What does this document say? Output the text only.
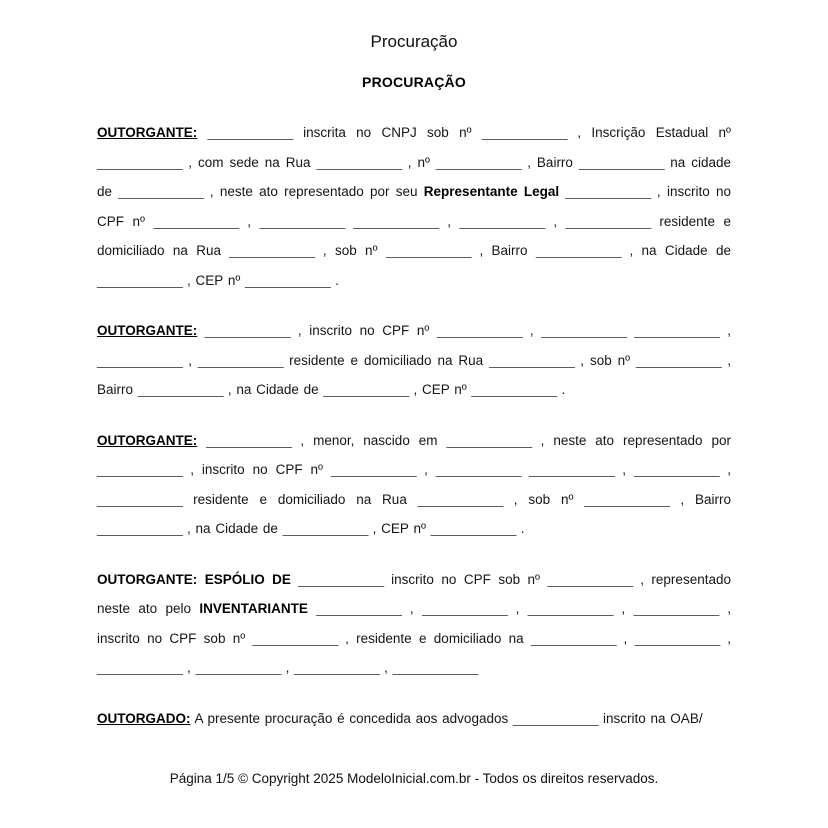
Procuração
PROCURAÇÃO

OUTORGANTE: ____________ inscrita no CNPJ sob nº ____________ , Inscrição Estadual nº ____________ , com sede na Rua ____________ , nº ____________ , Bairro ____________ na cidade de ____________ , neste ato representado por seu Representante Legal ____________ , inscrito no CPF nº ____________ , ____________ ____________ , ____________ , ____________ residente e domiciliado na Rua ____________ , sob nº ____________ , Bairro ____________ , na Cidade de ____________ , CEP nº ____________ .

OUTORGANTE: ____________ , inscrito no CPF nº ____________ , ____________ ____________ , ____________ , ____________ residente e domiciliado na Rua ____________ , sob nº ____________ , Bairro ____________ , na Cidade de ____________ , CEP nº ____________ .

OUTORGANTE: ____________ , menor, nascido em ____________ , neste ato representado por ____________ , inscrito no CPF nº ____________ , ____________ ____________ , ____________ , ____________ residente e domiciliado na Rua ____________ , sob nº ____________ , Bairro ____________ , na Cidade de ____________ , CEP nº ____________ .

OUTORGANTE: ESPÓLIO DE ____________ inscrito no CPF sob nº ____________ , representado neste ato pelo INVENTARIANTE ____________ , ____________ , ____________ , ____________ , inscrito no CPF sob nº ____________ , residente e domiciliado na ____________ , ____________ , ____________ , ____________ , ____________ , ____________

OUTORGADO: A presente procuração é concedida aos advogados ____________ inscrito na OAB/

Página 1/5 © Copyright 2025 ModeloInicial.com.br - Todos os direitos reservados.
